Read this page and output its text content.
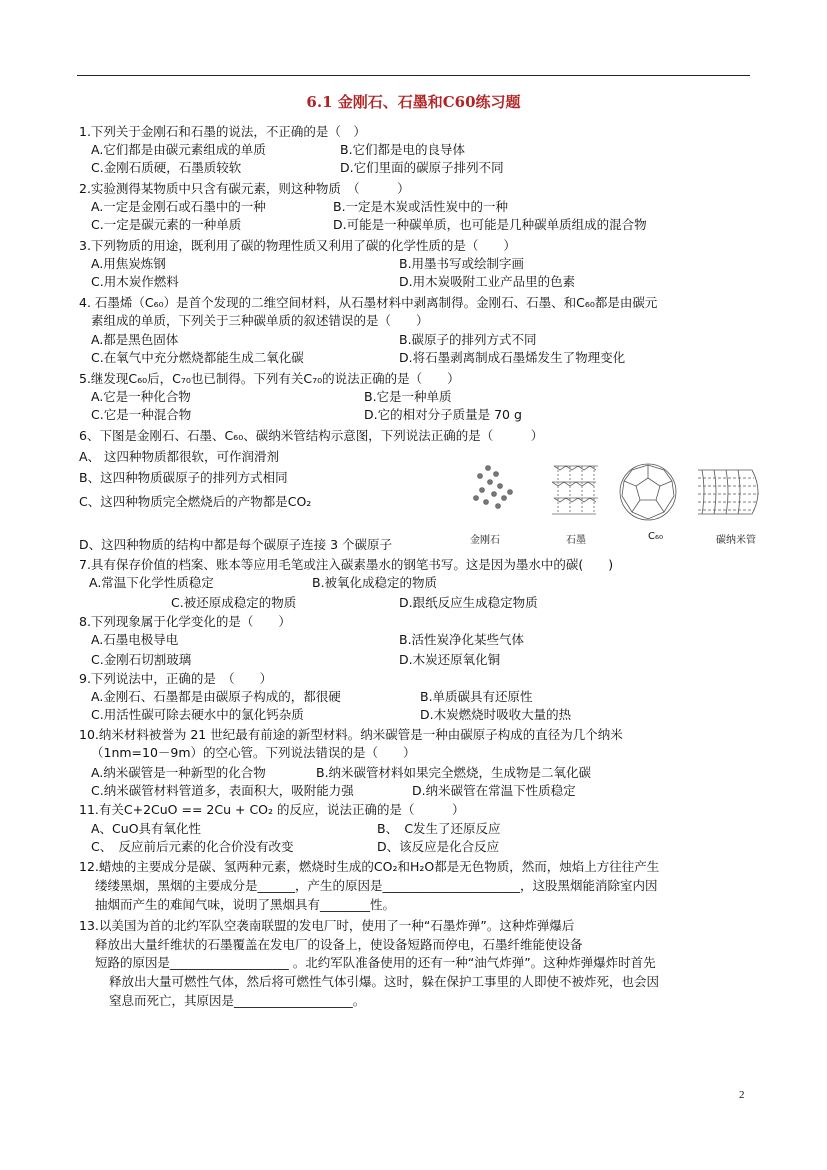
6.1 金刚石、石墨和C60练习题
1.下列关于金刚石和石墨的说法，不正确的是（　）
A.它们都是由碳元素组成的单质	B.它们都是电的良导体
C.金刚石质硬，石墨质较软	D.它们里面的碳原子排列不同
2.实验测得某物质中只含有碳元素，则这种物质　（　　　）
A.一定是金刚石或石墨中的一种	B.一定是木炭或活性炭中的一种
C.一定是碳元素的一种单质	D.可能是一种碳单质，也可能是几种碳单质组成的混合物
3.下列物质的用途，既利用了碳的物理性质又利用了碳的化学性质的是（　　）
A.用焦炭炼钢	B.用墨书写或绘制字画
C.用木炭作燃料	D.用木炭吸附工业产品里的色素
4. 石墨烯（C₆₀）是首个发现的二维空间材料，从石墨材料中剥离制得。金刚石、石墨、和C₆₀都是由碳元
素组成的单质，下列关于三种碳单质的叙述错误的是（　　）
A.都是黑色固体	B.碳原子的排列方式不同
C.在氧气中充分燃烧都能生成二氧化碳	D.将石墨剥离制成石墨烯发生了物理变化
5.继发现C₆₀后，C₇₀也已制得。下列有关C₇₀的说法正确的是（　　）
A.它是一种化合物	B.它是一种单质
C.它是一种混合物	D.它的相对分子质量是 70 g
6、下图是金刚石、石墨、C₆₀、碳纳米管结构示意图，下列说法正确的是（　　　）
A、 这四种物质都很软，可作润滑剂
B、这四种物质碳原子的排列方式相同
C、这四种物质完全燃烧后的产物都是CO₂
D、这四种物质的结构中都是每个碳原子连接 3 个碳原子
7.具有保存价值的档案、账本等应用毛笔或注入碳素墨水的钢笔书写。这是因为墨水中的碳(　　)
A.常温下化学性质稳定	B.被氧化成稳定的物质
C.被还原成稳定的物质	D.跟纸反应生成稳定物质
8.下列现象属于化学变化的是（　　）
A.石墨电极导电	B.活性炭净化某些气体
C.金刚石切割玻璃	D.木炭还原氧化铜
9.下列说法中，正确的是　（　　）
A.金刚石、石墨都是由碳原子构成的，都很硬	B.单质碳具有还原性
C.用活性碳可除去硬水中的氯化钙杂质	D.木炭燃烧时吸收大量的热
10.纳米材料被誉为 21 世纪最有前途的新型材料。纳米碳管是一种由碳原子构成的直径为几个纳米
（1nm=10－9m）的空心管。下列说法错误的是（　　）
A.纳米碳管是一种新型的化合物	B.纳米碳管材料如果完全燃烧，生成物是二氧化碳
C.纳米碳管材料管道多，表面积大，吸附能力强	D.纳米碳管在常温下性质稳定
11.有关C+2CuO == 2Cu + CO₂ 的反应，说法正确的是（　　　）
A、CuO具有氧化性	B、　C发生了还原反应
C、　反应前后元素的化合价没有改变	D、该反应是化合反应
12.蜡烛的主要成分是碳、氢两种元素，燃烧时生成的CO₂和H₂O都是无色物质，然而，烛焰上方往往产生
缕缕黑烟，黑烟的主要成分是______，产生的原因是______________________，这股黑烟能消除室内因
抽烟而产生的难闻气味，说明了黑烟具有________性。
13.以美国为首的北约军队空袭南联盟的发电厂时，使用了一种“石墨炸弹”。这种炸弹爆后
释放出大量纤维状的石墨覆盖在发电厂的设备上，使设备短路而停电，石墨纤维能使设备
短路的原因是___________________ 。北约军队准备使用的还有一种“油气炸弹”。这种炸弹爆炸时首先
释放出大量可燃性气体，然后将可燃性气体引爆。这时，躲在保护工事里的人即使不被炸死，也会因
窒息而死亡，其原因是___________________。
金刚石	石墨	C₆₀	碳纳米管
2
